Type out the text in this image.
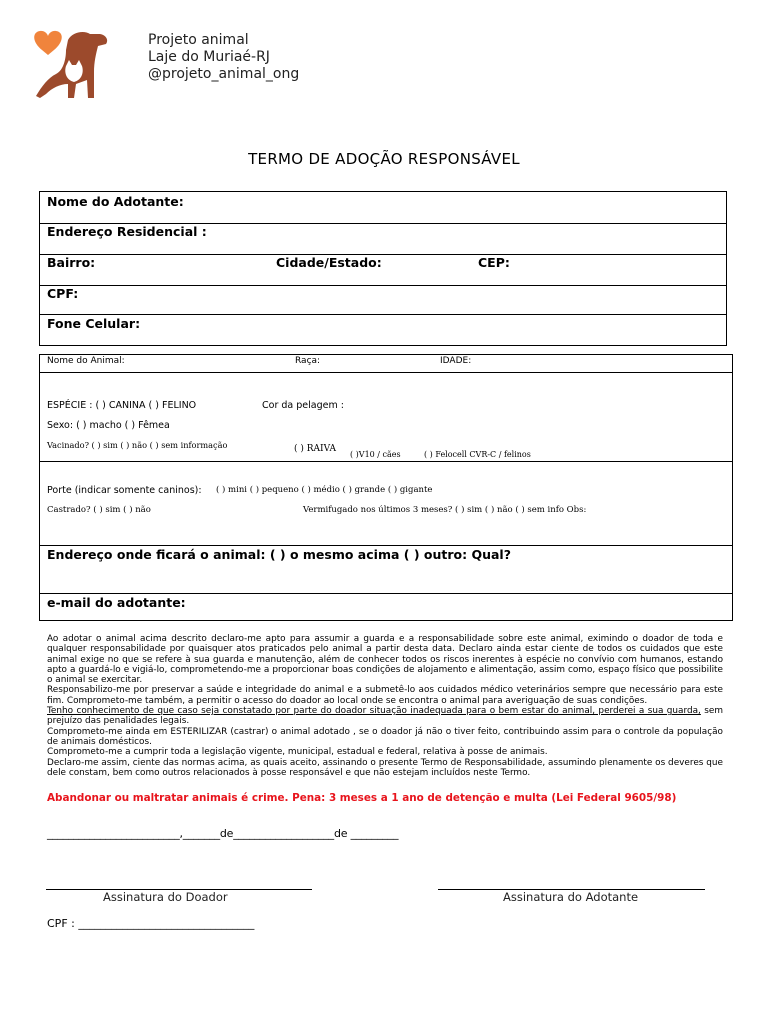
Projeto animal
Laje do Muriaé-RJ
@projeto_animal_ong
TERMO DE ADOÇÃO RESPONSÁVEL
Nome do Adotante:
Endereço Residencial :
Bairro:	Cidade/Estado:	CEP:
CPF:
Fone Celular:
Nome do Animal:	Raça:	IDADE:
ESPÉCIE : ( ) CANINA ( ) FELINO	Cor da pelagem :
Sexo: ( ) macho ( ) Fêmea
Vacinado? ( ) sim ( ) não ( ) sem informação	( ) RAIVA
( )V10 / cães	( ) Felocell CVR-C / felinos
Porte (indicar somente caninos): ( ) mini ( ) pequeno ( ) médio ( ) grande ( ) gigante
Castrado? ( ) sim ( ) não	Vermifugado nos últimos 3 meses? ( ) sim ( ) não ( ) sem info Obs:
Endereço onde ficará o animal: ( ) o mesmo acima ( ) outro: Qual?
e-mail do adotante:

Ao adotar o animal acima descrito declaro-me apto para assumir a guarda e a responsabilidade sobre este animal, eximindo o doador de toda e qualquer responsabilidade por quaisquer atos praticados pelo animal a partir desta data. Declaro ainda estar ciente de todos os cuidados que este animal exige no que se refere à sua guarda e manutenção, além de conhecer todos os riscos inerentes à espécie no convívio com humanos, estando apto a guardá-lo e vigiá-lo, comprometendo-me a proporcionar boas condições de alojamento e alimentação, assim como, espaço físico que possibilite o animal se exercitar.

Responsabilizo-me por preservar a saúde e integridade do animal e a submetê-lo aos cuidados médico veterinários sempre que necessário para este fim. Comprometo-me também, a permitir o acesso do doador ao local onde se encontra o animal para averiguação de suas condições.

Tenho conhecimento de que caso seja constatado por parte do doador situação inadequada para o bem estar do animal, perderei a sua guarda, sem prejuízo das penalidades legais.

Comprometo-me ainda em ESTERILIZAR (castrar) o animal adotado , se o doador já não o tiver feito, contribuindo assim para o controle da população de animais domésticos.

Comprometo-me a cumprir toda a legislação vigente, municipal, estadual e federal, relativa à posse de animais.

Declaro-me assim, ciente das normas acima, as quais aceito, assinando o presente Termo de Responsabilidade, assumindo plenamente os deveres que dele constam, bem como outros relacionados à posse responsável e que não estejam incluídos neste Termo.

Abandonar ou maltratar animais é crime. Pena: 3 meses a 1 ano de detenção e multa (Lei Federal 9605/98)
_________________________,_______de___________________de _________
Assinatura do Doador	Assinatura do Adotante
CPF : ________________________________
